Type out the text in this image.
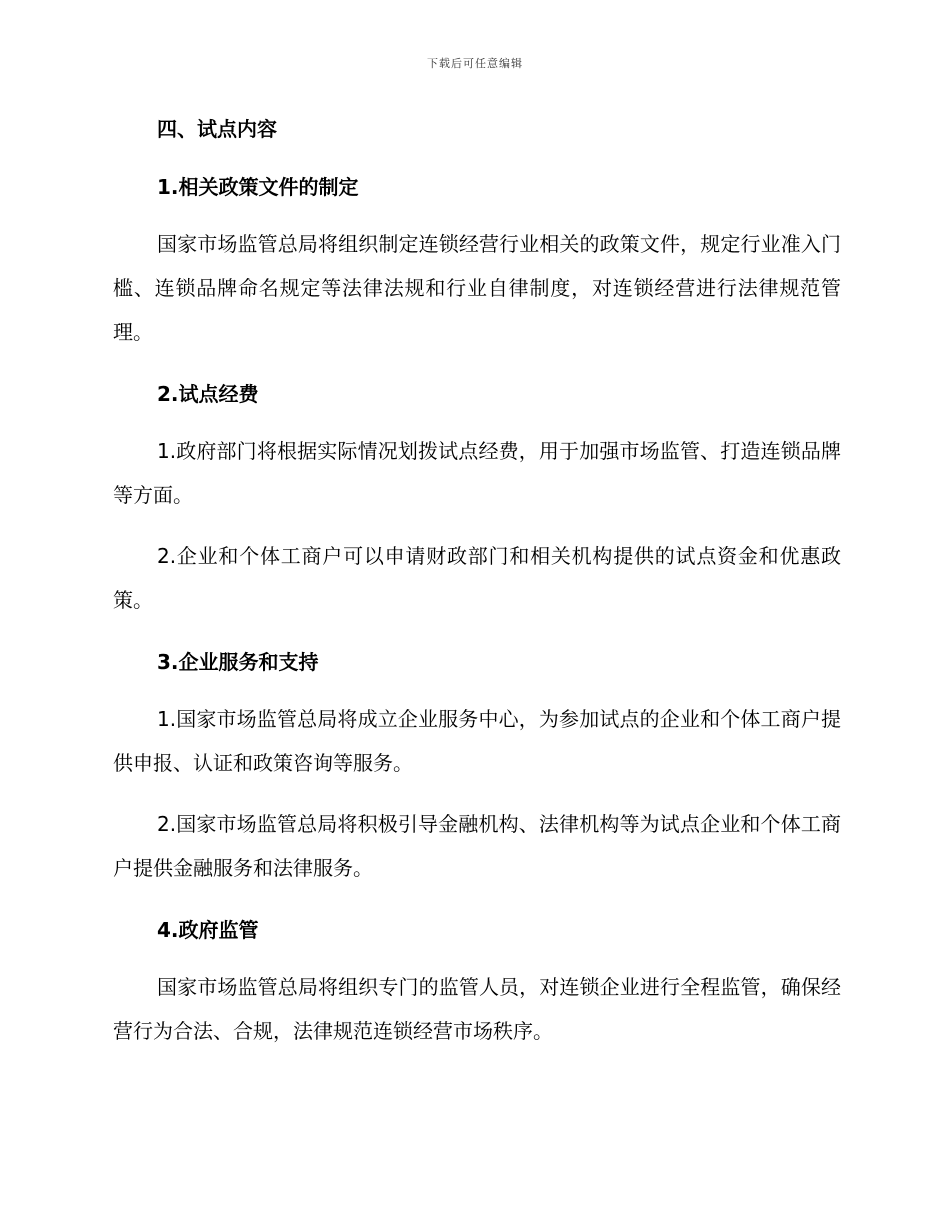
下载后可任意编辑
四、试点内容
1.相关政策文件的制定

国家市场监管总局将组织制定连锁经营行业相关的政策文件，规定行业准入门槛、连锁品牌命名规定等法律法规和行业自律制度，对连锁经营进行法律规范管理。

2.试点经费

1.政府部门将根据实际情况划拨试点经费，用于加强市场监管、打造连锁品牌等方面。

2.企业和个体工商户可以申请财政部门和相关机构提供的试点资金和优惠政策。

3.企业服务和支持

1.国家市场监管总局将成立企业服务中心，为参加试点的企业和个体工商户提供申报、认证和政策咨询等服务。

2.国家市场监管总局将积极引导金融机构、法律机构等为试点企业和个体工商户提供金融服务和法律服务。

4.政府监管

国家市场监管总局将组织专门的监管人员，对连锁企业进行全程监管，确保经营行为合法、合规，法律规范连锁经营市场秩序。
